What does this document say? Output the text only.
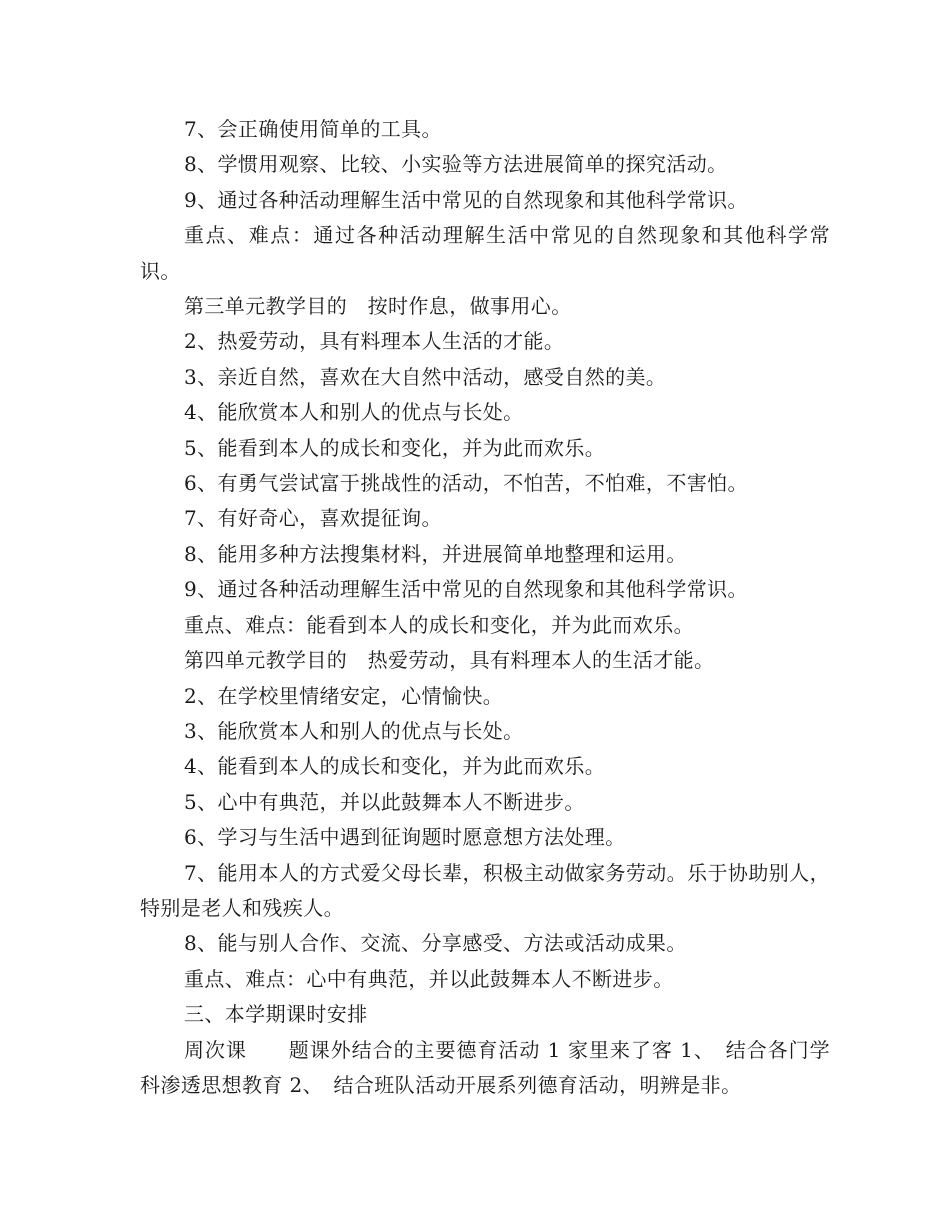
7、会正确使用简单的工具。

8、学惯用观察、比较、小实验等方法进展简单的探究活动。

9、通过各种活动理解生活中常见的自然现象和其他科学常识。

重点、难点：通过各种活动理解生活中常见的自然现象和其他科学常识。

第三单元教学目的　按时作息，做事用心。

2、热爱劳动，具有料理本人生活的才能。

3、亲近自然，喜欢在大自然中活动，感受自然的美。

4、能欣赏本人和别人的优点与长处。

5、能看到本人的成长和变化，并为此而欢乐。

6、有勇气尝试富于挑战性的活动，不怕苦，不怕难，不害怕。

7、有好奇心，喜欢提征询。

8、能用多种方法搜集材料，并进展简单地整理和运用。

9、通过各种活动理解生活中常见的自然现象和其他科学常识。

重点、难点：能看到本人的成长和变化，并为此而欢乐。

第四单元教学目的　热爱劳动，具有料理本人的生活才能。

2、在学校里情绪安定，心情愉快。

3、能欣赏本人和别人的优点与长处。

4、能看到本人的成长和变化，并为此而欢乐。

5、心中有典范，并以此鼓舞本人不断进步。

6、学习与生活中遇到征询题时愿意想方法处理。

7、能用本人的方式爱父母长辈，积极主动做家务劳动。乐于协助别人，特别是老人和残疾人。

8、能与别人合作、交流、分享感受、方法或活动成果。

重点、难点：心中有典范，并以此鼓舞本人不断进步。

三、本学期课时安排

周次课　　题课外结合的主要德育活动 1 家里来了客 1、　结合各门学科渗透思想教育 2、　结合班队活动开展系列德育活动，明辨是非。
